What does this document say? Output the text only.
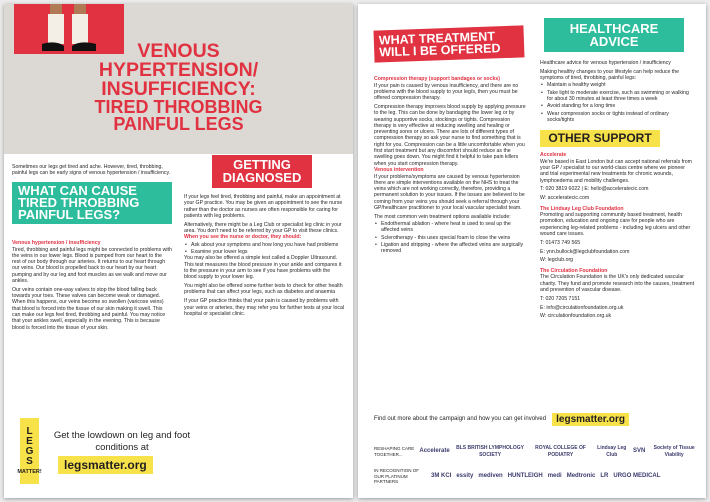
VENOUS
HYPERTENSION/
INSUFFICIENCY:
TIRED THROBBING
PAINFUL LEGS

Sometimes our legs get tired and ache. However, tired, throbbing, painful legs can be early signs of venous hypertension / insufficiency.

WHAT CAN CAUSE TIRED THROBBING PAINFUL LEGS?
Venous hypertension / insufficiency

Tired, throbbing and painful legs might be connected to problems with the veins in our lower legs. Blood is pumped from our heart to the rest of our body through our arteries. It returns to our heart through our veins. Our blood is propelled back to our heart by our heart pumping and by our leg and foot muscles as we walk and move our ankles.

Our veins contain one-way valves to stop the blood falling back towards your toes. These valves can become weak or damaged. When this happens, our veins become so swollen (varicose veins) that blood is forced into the tissue of our skin making it swell. This can make our legs feel tired, throbbing and painful. You may notice that your ankles swell, especially in the evening. This is because blood is forced into the tissue of your skin.

GETTING DIAGNOSED

If your legs feel tired, throbbing and painful, make an appointment at your GP practice. You may be given an appointment to see the nurse rather than the doctor as nurses are often responsible for caring for patients with leg problems.

Alternatively, there might be a Leg Club or specialist leg clinic in your area. You don't need to be referred by your GP to visit these clinics.

When you see the nurse or doctor, they should:
• Ask about your symptoms and how long you have had problems
• Examine your lower legs

You may also be offered a simple test called a Doppler Ultrasound. This test measures the blood pressure in your ankle and compares it to the pressure in your arm to see if you have problems with the blood supply to your lower leg.

You might also be offered some further tests to check for other health problems that can affect your legs, such as diabetes and anaemia

If your GP practice thinks that your pain is caused by problems with your veins or arteries, they may refer you for further tests at your local hospital or specialist clinic.

L
E
G
S
MATTER!
Get the lowdown on leg and foot conditions at
legsmatter.org
WHAT TREATMENT WILL I BE OFFERED
Compression therapy (support bandages or socks)

If your pain is caused by venous insufficiency, and there are no problems with the blood supply to your leg/s, then you must be offered compression therapy.

Compression therapy improves blood supply by applying pressure to the leg. This can be done by bandaging the lower leg or by wearing supportive socks, stockings or tights. Compression therapy is very effective at reducing swelling and healing or preventing sores or ulcers. There are lots of different types of compression therapy so ask your nurse to find something that is right for you. Compression can be a little uncomfortable when you first start treatment but any discomfort should reduce as the swelling goes down. You might find it helpful to take pain killers when you start compression therapy.

Venous intervention

If your problems/symptoms are caused by venous hypertension there are simple interventions available on the NHS to treat the veins which are not working correctly, therefore, providing a permanent solution to your issues. If the issues are believed to be coming from your veins you should seek a referral through your GP/healthcare practitioner to your local vascular specialist team.

The most common vein treatment options available include:

• Endothermal ablation - where heat is used to seal up the affected veins
• Sclerotherapy - this uses special foam to close the veins
• Ligation and stripping - where the affected veins are surgically removed
HEALTHCARE ADVICE

Healthcare advice for venous hypertension / insufficiency

Making healthy changes to your lifestyle can help reduce the symptoms of tired, throbbing, painful legs:

• Maintain a healthy weight
• Take light to moderate exercise, such as swimming or walking for about 30 minutes at least three times a week
• Avoid standing for a long time
• Wear compression socks or tights instead of ordinary socks/tights
OTHER SUPPORT
Accelerate

We're based in East London but can accept national referrals from your GP / specialist to our world-class centre where we pioneer and trial experimental new treatments for chronic wounds, lymphoedema and mobility challenges.

T: 020 3819 6022 | E: hello@acceleratecic.com

W: acceleratecic.com

The Lindsay Leg Club Foundation

Promoting and supporting community based treatment, health promotion, education and ongoing care for people who are experiencing leg-related problems - including leg ulcers and other wound care issues.

T: 01473 749 565

E: ynn.bullock@legclubfoundation.com

W: legclub.org

The Circulation Foundation

The Circulation Foundation is the UK's only dedicated vascular charity. They fund and promote research into the causes, treatment and prevention of vascular disease.

T: 020 7205 7151

E: info@circulationfoundation.org.uk

W: circulationfoundation.org.uk

Find out more about the campaign and how you can get involved	legsmatter.org
RESHAPING CARE TOGETHER...	Accelerate
BLS BRITISH LYMPHOLOGY SOCIETY
ROYAL COLLEGE OF PODIATRY
Lindsay Leg Club
SVN
Society of Tissue Viability
IN RECOGNITION OF OUR PLATINUM PARTNERS
3M KCI essity mediven HUNTLEIGH medi Medtronic LR URGO MEDICAL
